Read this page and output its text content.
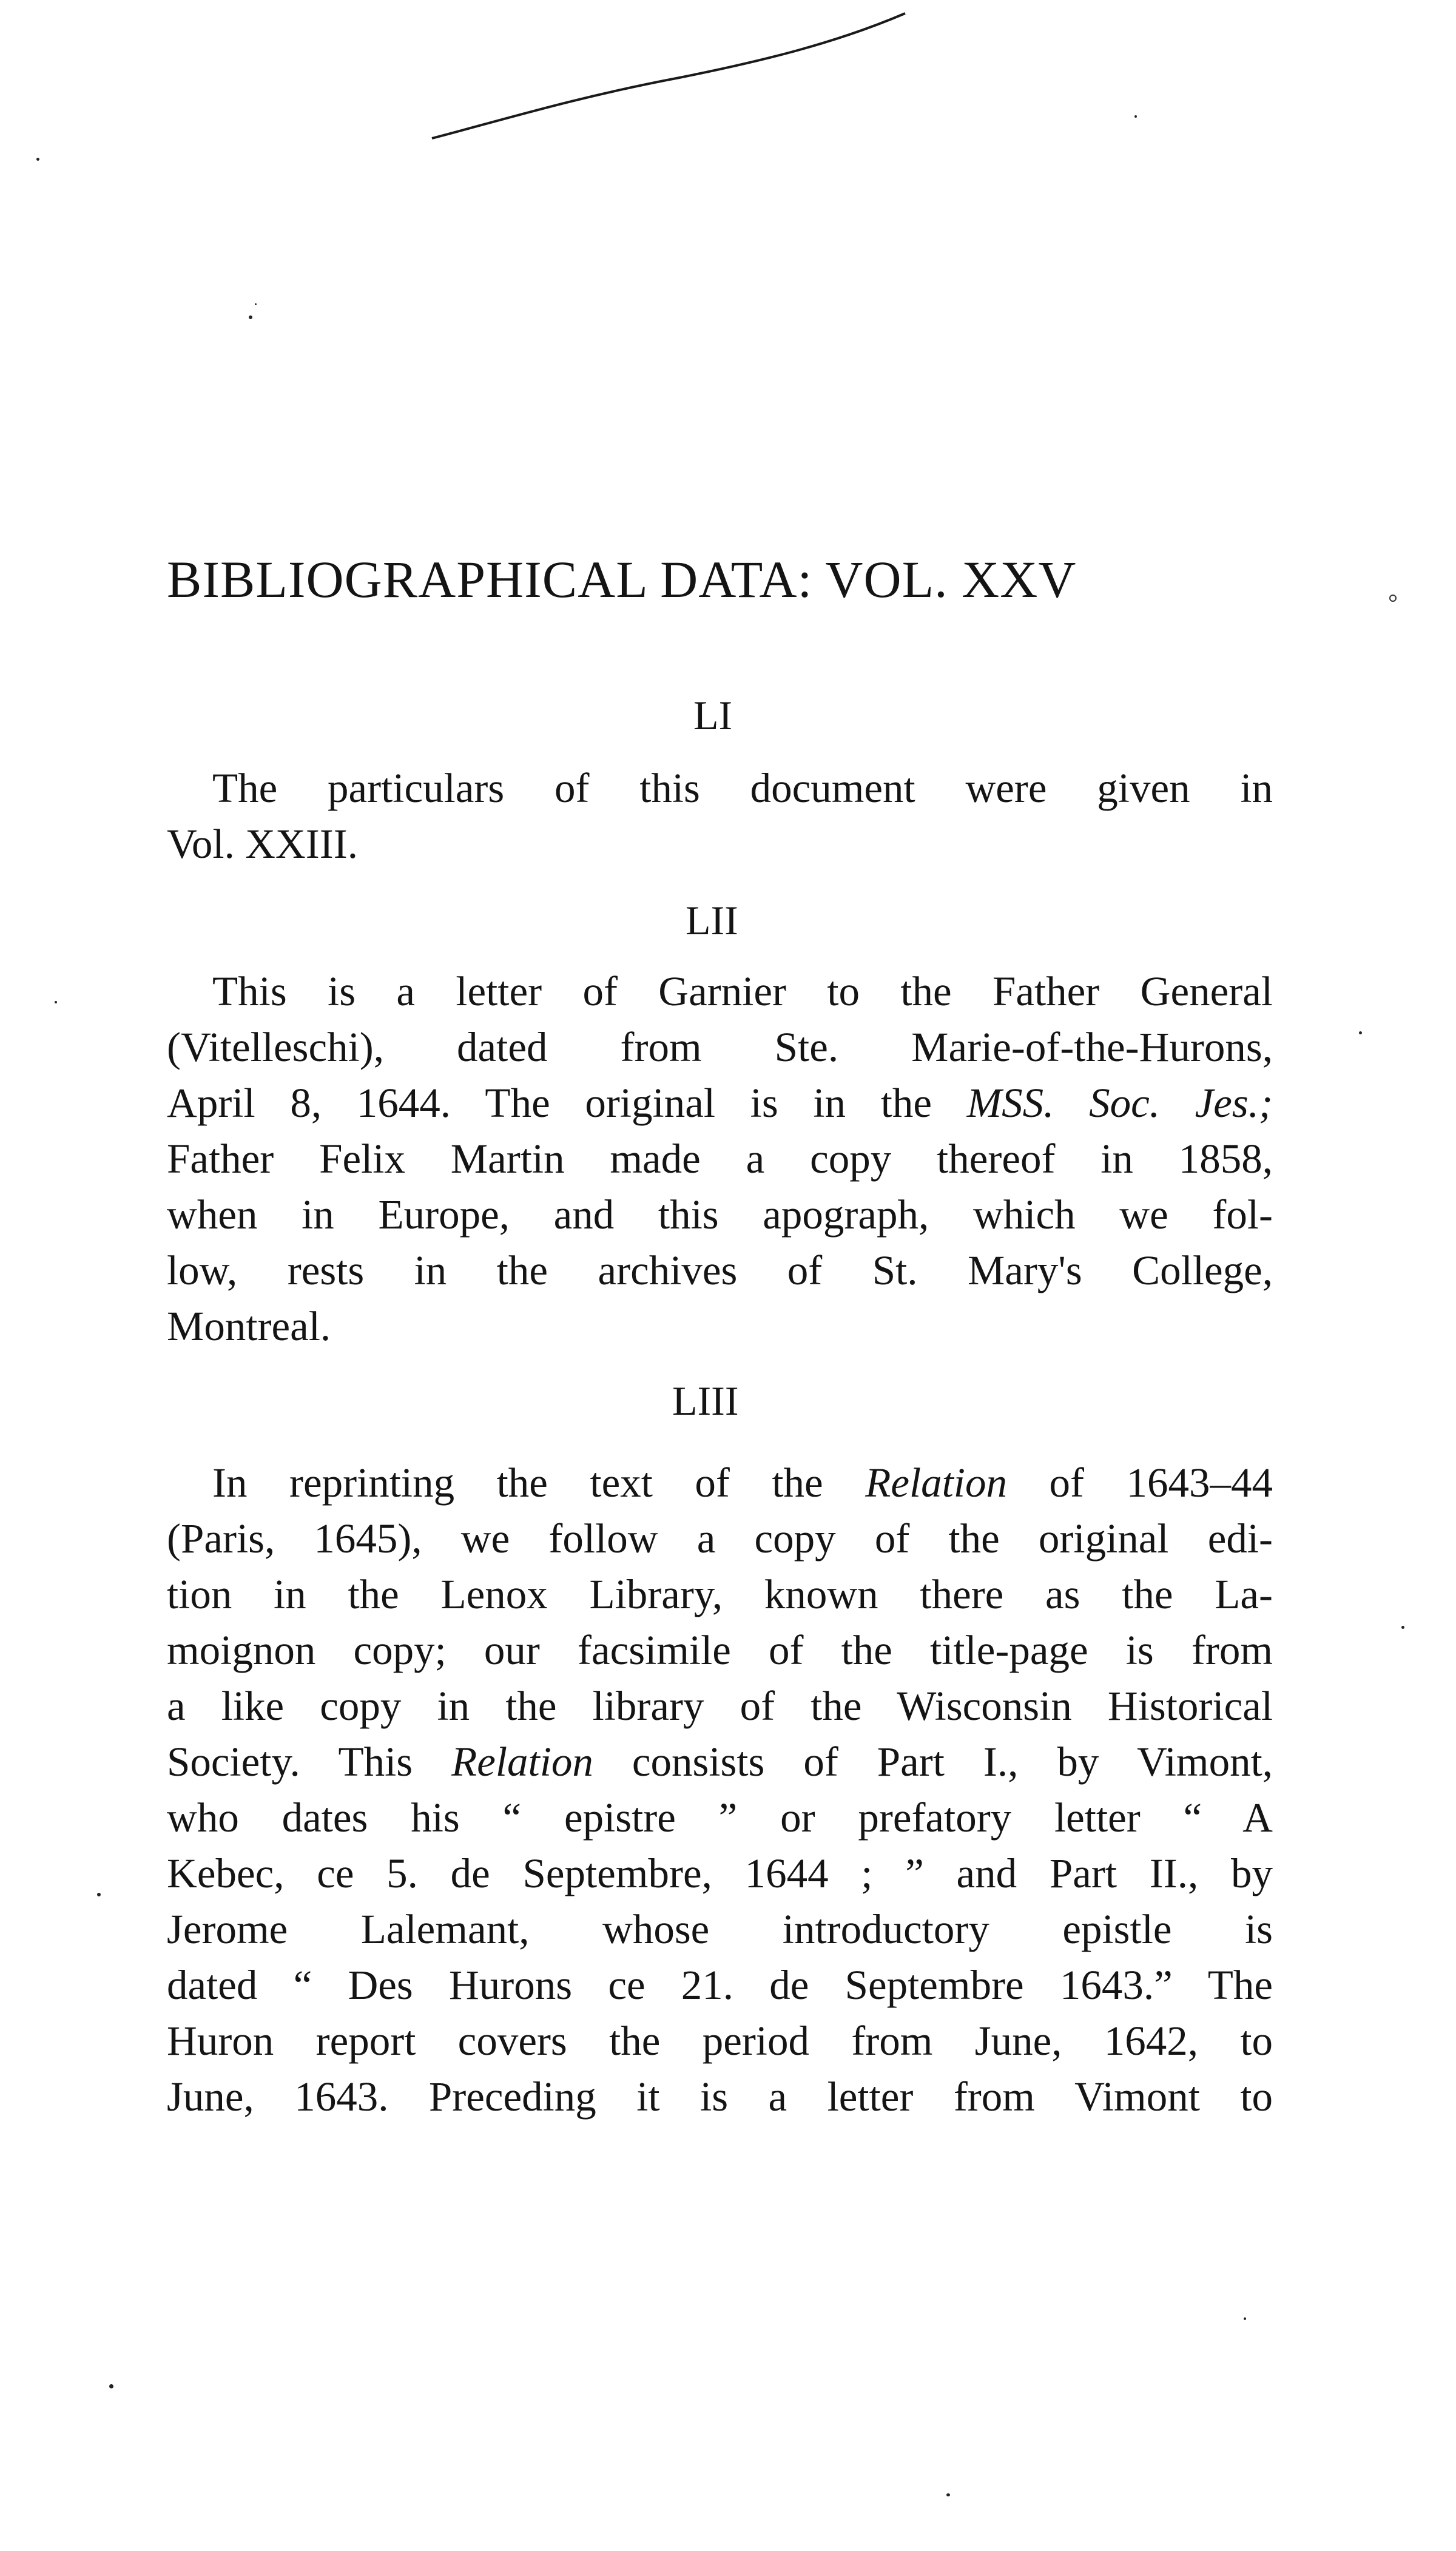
BIBLIOGRAPHICAL DATA: VOL. XXV
LI

The particulars of this document were given in
Vol. XXIII.

LII

This is a letter of Garnier to the Father General
(Vitelleschi), dated from Ste. Marie-of-the-Hurons,
April 8, 1644. The original is in the MSS. Soc. Jes.;
Father Felix Martin made a copy thereof in 1858,
when in Europe, and this apograph, which we fol-
low, rests in the archives of St. Mary's College,
Montreal.

LIII

In reprinting the text of the Relation of 1643–44
(Paris, 1645), we follow a copy of the original edi-
tion in the Lenox Library, known there as the La-
moignon copy; our facsimile of the title-page is from
a like copy in the library of the Wisconsin Historical
Society. This Relation consists of Part I., by Vimont,
who dates his “ epistre ” or prefatory letter “ A
Kebec, ce 5. de Septembre, 1644 ; ” and Part II., by
Jerome Lalemant, whose introductory epistle is
dated “ Des Hurons ce 21. de Septembre 1643.” The
Huron report covers the period from June, 1642, to
June, 1643. Preceding it is a letter from Vimont to
